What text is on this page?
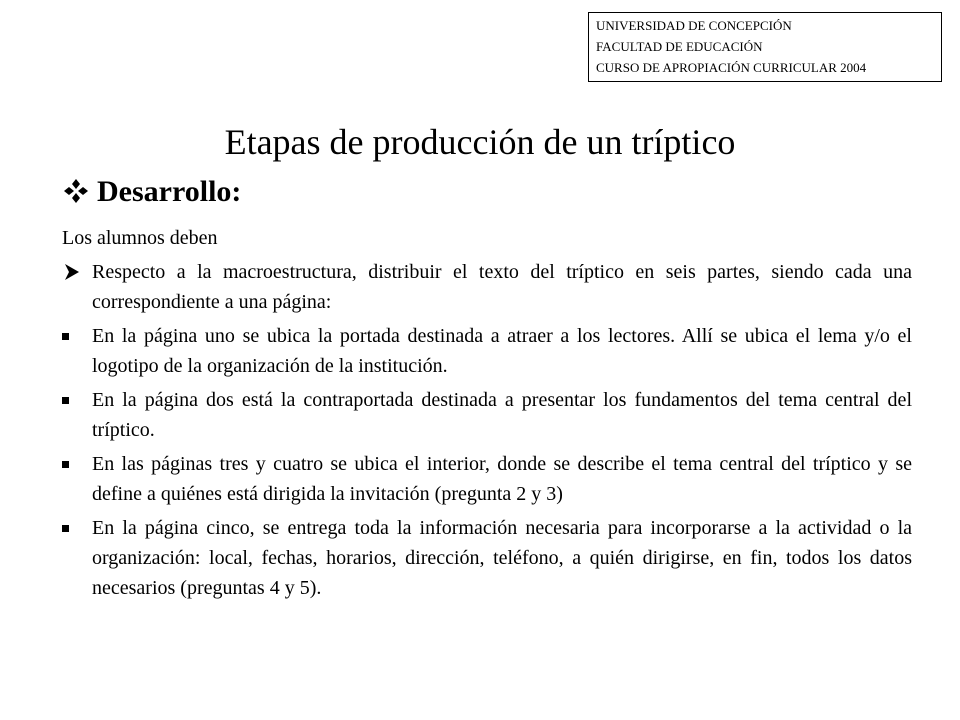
UNIVERSIDAD DE CONCEPCIÓN
FACULTAD DE EDUCACIÓN
CURSO DE APROPIACIÓN CURRICULAR 2004
Etapas de producción de un tríptico
Desarrollo:
Los alumnos deben
Respecto a la macroestructura, distribuir el texto del tríptico en seis partes, siendo cada una correspondiente a una página:
En la página uno se ubica la portada destinada a atraer a los lectores. Allí se ubica el lema y/o el logotipo de la organización de la institución.
En la página dos está la contraportada destinada a presentar los fundamentos del tema central del tríptico.
En las páginas tres y cuatro se ubica el interior, donde se describe el tema central del tríptico y se define a quiénes está dirigida la invitación (pregunta 2 y 3)
En la página cinco, se entrega toda la información necesaria para incorporarse a la actividad o la organización: local, fechas, horarios, dirección, teléfono, a quién dirigirse, en fin, todos los datos necesarios (preguntas 4 y 5).
